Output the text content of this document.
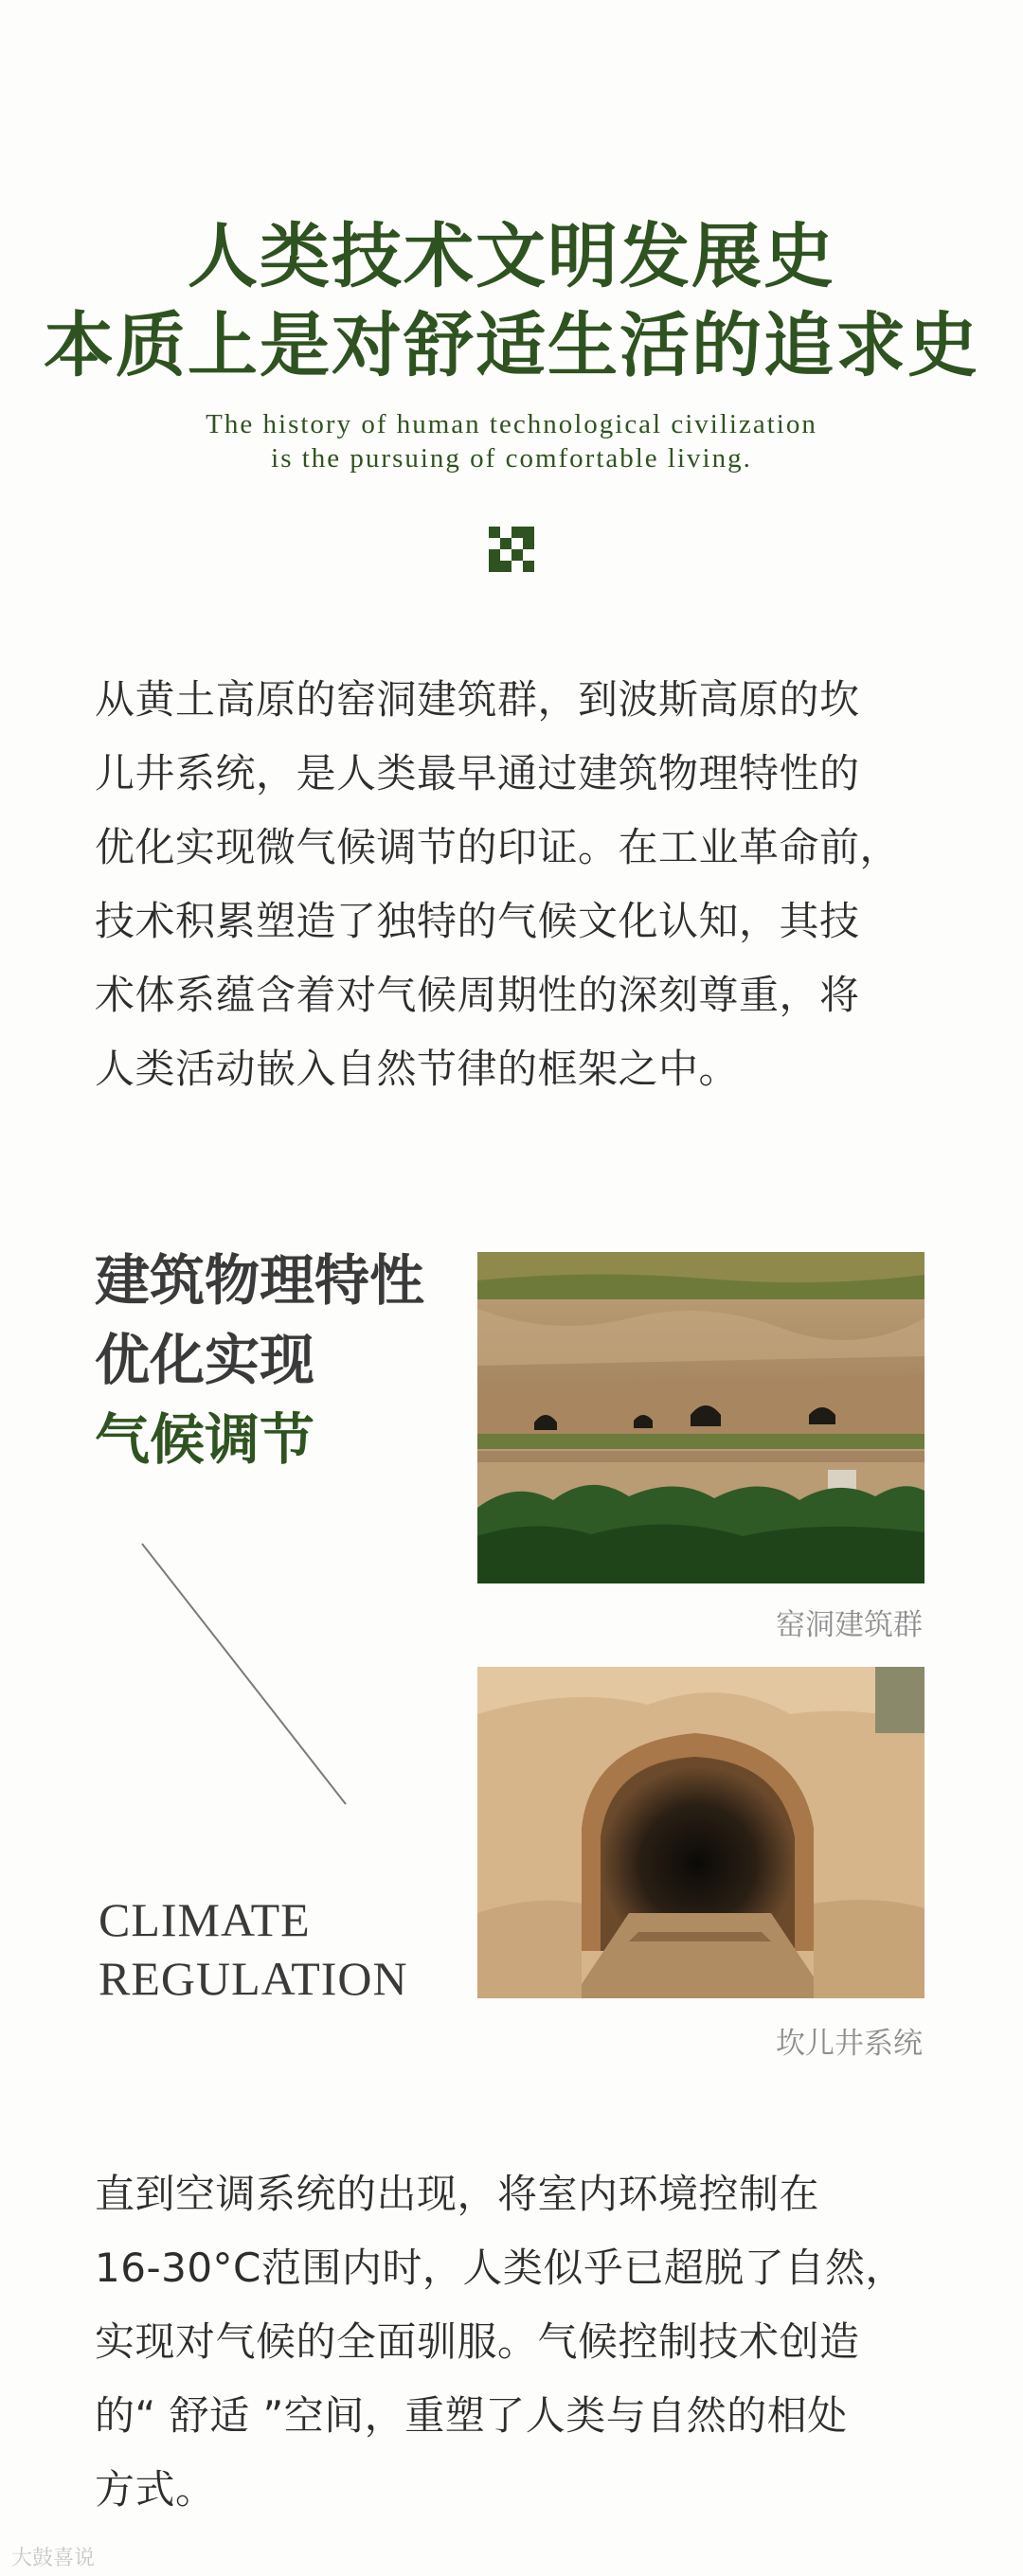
人类技术文明发展史
本质上是对舒适生活的追求史
The history of human technological civilization
is the pursuing of comfortable living.
从黄土高原的窑洞建筑群，到波斯高原的坎
儿井系统，是人类最早通过建筑物理特性的
优化实现微气候调节的印证。在工业革命前，
技术积累塑造了独特的气候文化认知，其技
术体系蕴含着对气候周期性的深刻尊重，将
人类活动嵌入自然节律的框架之中。
建筑物理特性
优化实现
气候调节
CLIMATE
REGULATION
窑洞建筑群
坎儿井系统
直到空调系统的出现，将室内环境控制在
16-30°C范围内时，人类似乎已超脱了自然，
实现对气候的全面驯服。气候控制技术创造
的“ 舒适 ”空间，重塑了人类与自然的相处
方式。
大鼓喜说
